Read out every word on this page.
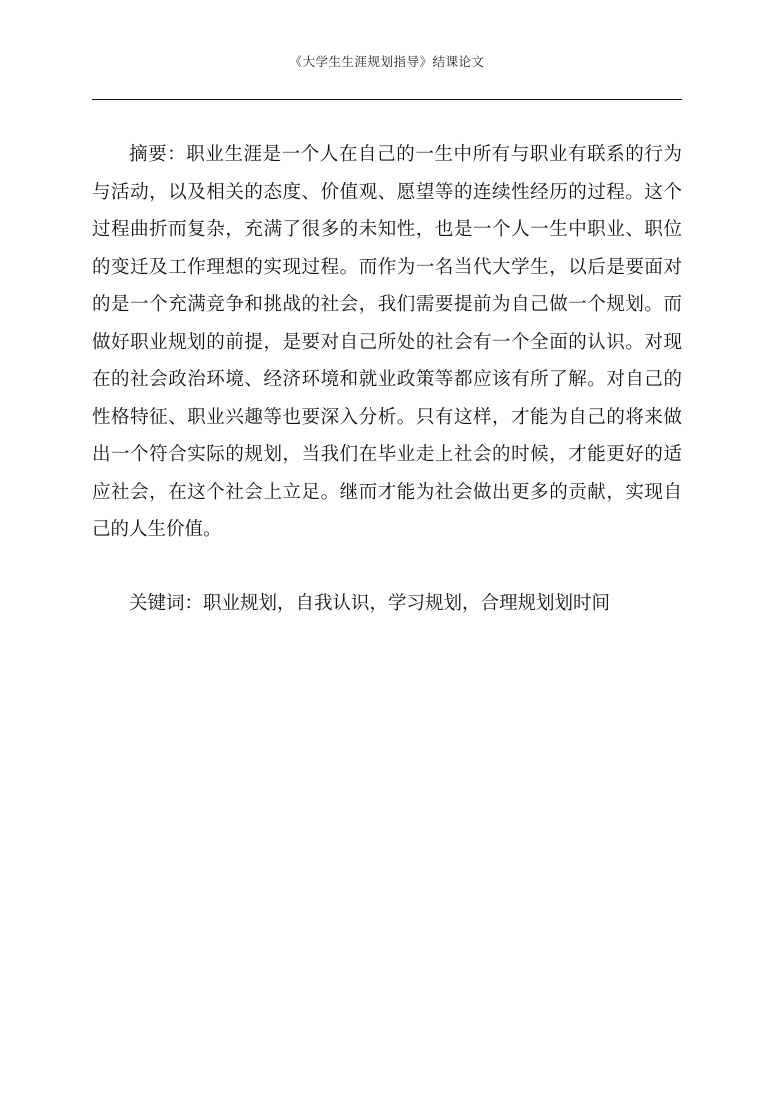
《大学生生涯规划指导》结课论文

摘要：职业生涯是一个人在自己的一生中所有与职业有联系的行为与活动，以及相关的态度、价值观、愿望等的连续性经历的过程。这个过程曲折而复杂，充满了很多的未知性，也是一个人一生中职业、职位的变迁及工作理想的实现过程。而作为一名当代大学生，以后是要面对的是一个充满竞争和挑战的社会，我们需要提前为自己做一个规划。而做好职业规划的前提，是要对自己所处的社会有一个全面的认识。对现在的社会政治环境、经济环境和就业政策等都应该有所了解。对自己的性格特征、职业兴趣等也要深入分析。只有这样，才能为自己的将来做出一个符合实际的规划，当我们在毕业走上社会的时候，才能更好的适应社会，在这个社会上立足。继而才能为社会做出更多的贡献，实现自己的人生价值。

关键词：职业规划，自我认识，学习规划，合理规划划时间
